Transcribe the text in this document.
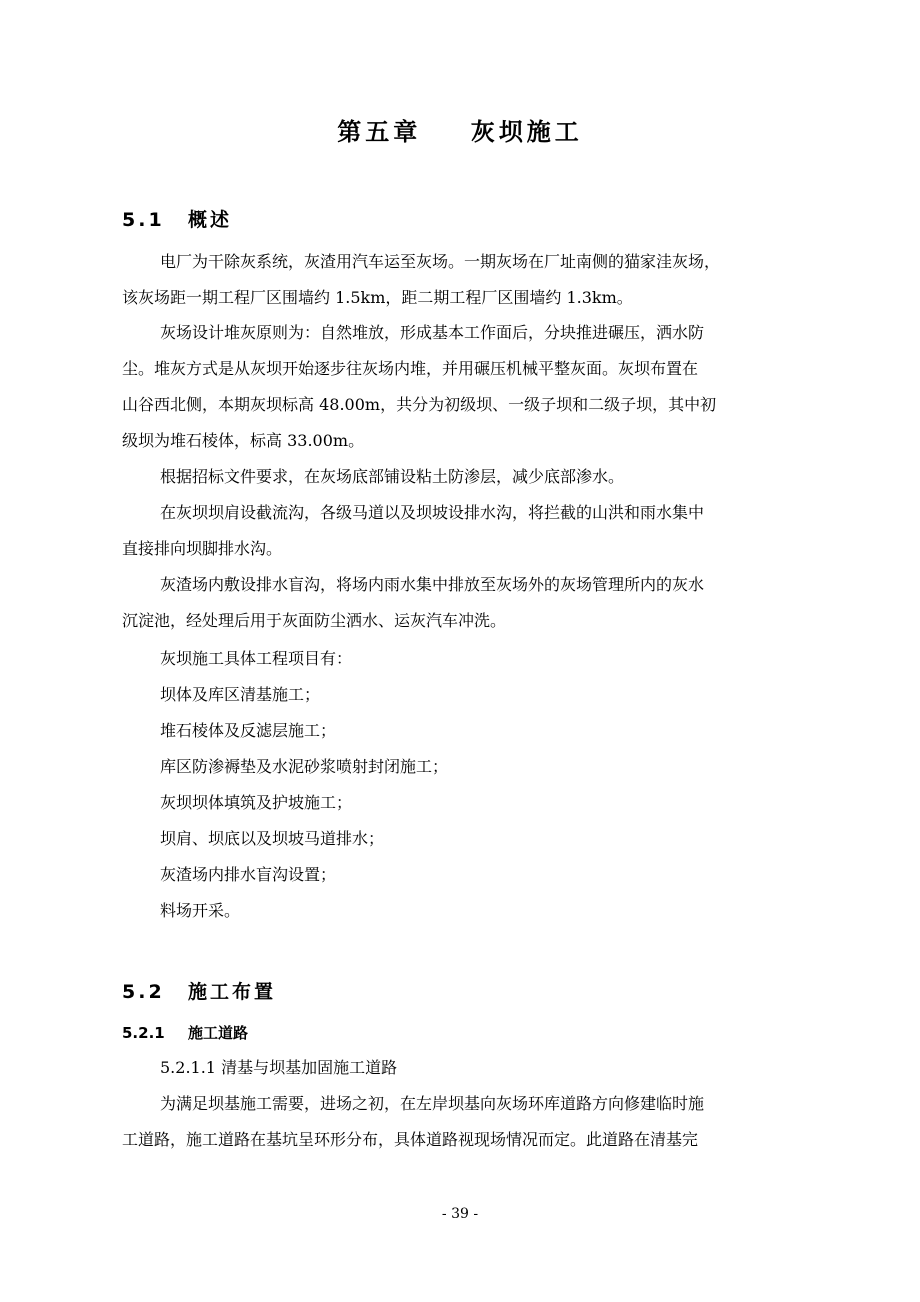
第五章    灰坝施工
5.1 概述
电厂为干除灰系统，灰渣用汽车运至灰场。一期灰场在厂址南侧的猫家洼灰场，
该灰场距一期工程厂区围墙约 1.5km，距二期工程厂区围墙约 1.3km。
灰场设计堆灰原则为：自然堆放，形成基本工作面后，分块推进碾压，洒水防
尘。堆灰方式是从灰坝开始逐步往灰场内堆，并用碾压机械平整灰面。灰坝布置在
山谷西北侧，本期灰坝标高 48.00m，共分为初级坝、一级子坝和二级子坝，其中初
级坝为堆石棱体，标高 33.00m。
根据招标文件要求，在灰场底部铺设粘土防渗层，减少底部渗水。
在灰坝坝肩设截流沟，各级马道以及坝坡设排水沟，将拦截的山洪和雨水集中
直接排向坝脚排水沟。
灰渣场内敷设排水盲沟，将场内雨水集中排放至灰场外的灰场管理所内的灰水
沉淀池，经处理后用于灰面防尘洒水、运灰汽车冲洗。
灰坝施工具体工程项目有：
坝体及库区清基施工；
堆石棱体及反滤层施工；
库区防渗褥垫及水泥砂浆喷射封闭施工；
灰坝坝体填筑及护坡施工；
坝肩、坝底以及坝坡马道排水；
灰渣场内排水盲沟设置；
料场开采。
5.2 施工布置
5.2.1 施工道路
5.2.1.1 清基与坝基加固施工道路
为满足坝基施工需要，进场之初，在左岸坝基向灰场环库道路方向修建临时施
工道路，施工道路在基坑呈环形分布，具体道路视现场情况而定。此道路在清基完
- 39 -
